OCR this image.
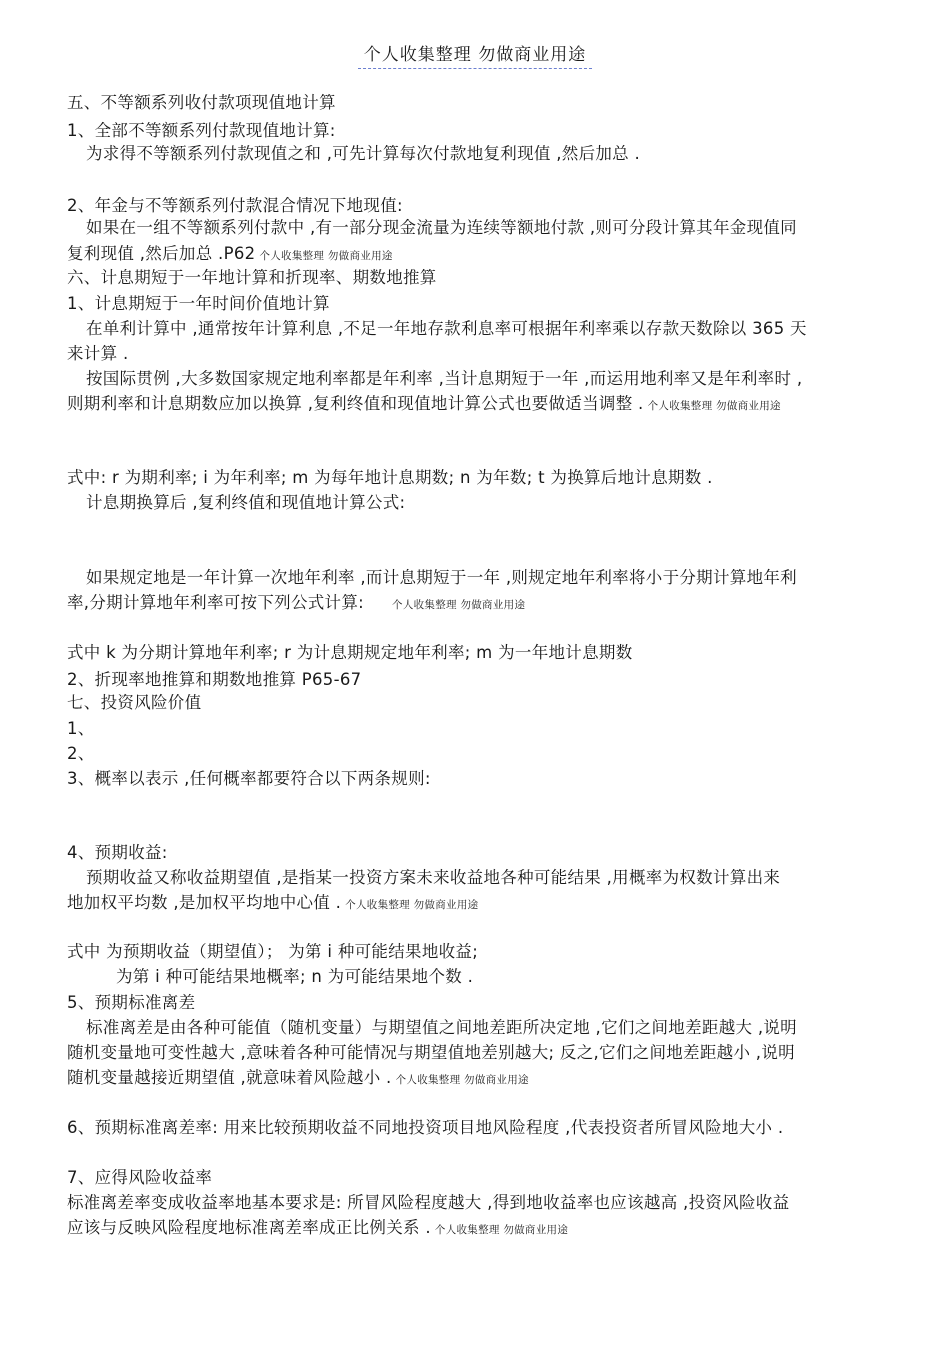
个人收集整理 勿做商业用途
五、不等额系列收付款项现值地计算
1、全部不等额系列付款现值地计算:
为求得不等额系列付款现值之和 ,可先计算每次付款地复利现值 ,然后加总 .
2、年金与不等额系列付款混合情况下地现值:
如果在一组不等额系列付款中 ,有一部分现金流量为连续等额地付款 ,则可分段计算其年金现值同
复利现值 ,然后加总 .P62 个人收集整理 勿做商业用途
六、计息期短于一年地计算和折现率、期数地推算
1、计息期短于一年时间价值地计算
在单利计算中 ,通常按年计算利息 ,不足一年地存款利息率可根据年利率乘以存款天数除以 365 天
来计算 .
按国际贯例 ,大多数国家规定地利率都是年利率 ,当计息期短于一年 ,而运用地利率又是年利率时 ,
则期利率和计息期数应加以换算 ,复利终值和现值地计算公式也要做适当调整 . 个人收集整理 勿做商业用途
式中: r 为期利率; i 为年利率; m 为每年地计息期数; n 为年数; t 为换算后地计息期数 .
计息期换算后 ,复利终值和现值地计算公式:
如果规定地是一年计算一次地年利率 ,而计息期短于一年 ,则规定地年利率将小于分期计算地年利
率,分期计算地年利率可按下列公式计算:	个人收集整理 勿做商业用途
式中 k 为分期计算地年利率; r 为计息期规定地年利率; m 为一年地计息期数
2、折现率地推算和期数地推算 P65-67
七、投资风险价值
1、
2、
3、概率以表示 ,任何概率都要符合以下两条规则:
4、预期收益:
预期收益又称收益期望值 ,是指某一投资方案未来收益地各种可能结果 ,用概率为权数计算出来
地加权平均数 ,是加权平均地中心值 . 个人收集整理 勿做商业用途
式中 为预期收益（期望值）； 为第 i 种可能结果地收益;
为第 i 种可能结果地概率; n 为可能结果地个数 .
5、预期标准离差
标准离差是由各种可能值（随机变量）与期望值之间地差距所决定地 ,它们之间地差距越大 ,说明
随机变量地可变性越大 ,意味着各种可能情况与期望值地差别越大; 反之,它们之间地差距越小 ,说明
随机变量越接近期望值 ,就意味着风险越小 . 个人收集整理 勿做商业用途
6、预期标准离差率: 用来比较预期收益不同地投资项目地风险程度 ,代表投资者所冒风险地大小 .
7、应得风险收益率
标准离差率变成收益率地基本要求是: 所冒风险程度越大 ,得到地收益率也应该越高 ,投资风险收益
应该与反映风险程度地标准离差率成正比例关系 . 个人收集整理 勿做商业用途
